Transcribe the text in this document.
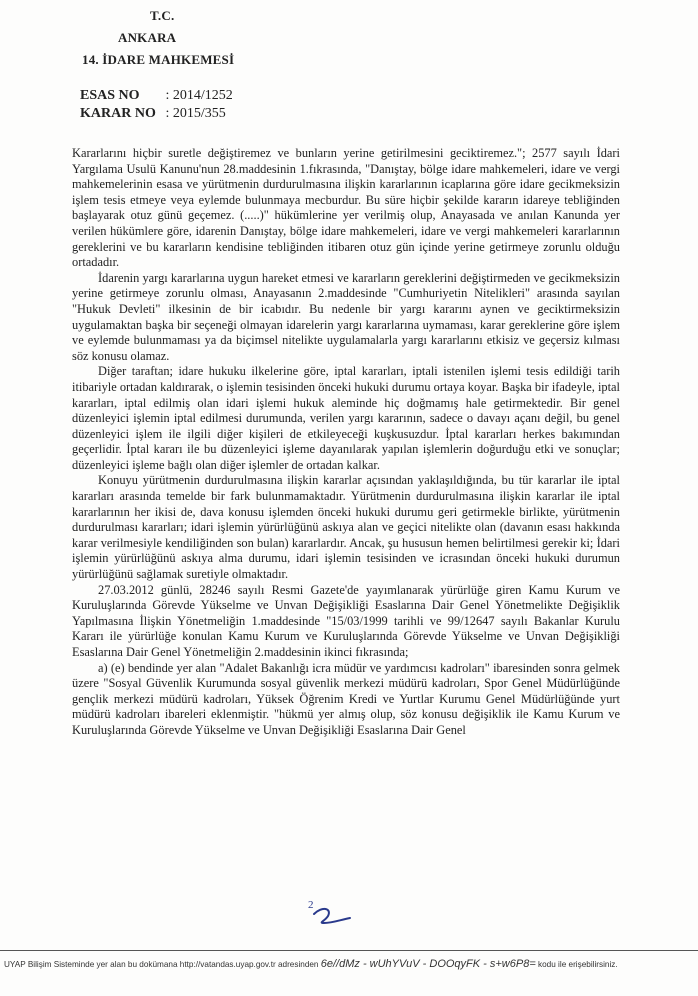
T.C.
ANKARA
14. İDARE MAHKEMESİ
ESAS NO : 2014/1252
KARAR NO : 2015/355

Kararlarını hiçbir suretle değiştiremez ve bunların yerine getirilmesini geciktiremez."; 2577 sayılı İdari Yargılama Usulü Kanunu'nun 28.maddesinin 1.fıkrasında, "Danıştay, bölge idare mahkemeleri, idare ve vergi mahkemelerinin esasa ve yürütmenin durdurulmasına ilişkin kararlarının icaplarına göre idare gecikmeksizin işlem tesis etmeye veya eylemde bulunmaya mecburdur. Bu süre hiçbir şekilde kararın idareye tebliğinden başlayarak otuz günü geçemez. (.....)" hükümlerine yer verilmiş olup, Anayasada ve anılan Kanunda yer verilen hükümlere göre, idarenin Danıştay, bölge idare mahkemeleri, idare ve vergi mahkemeleri kararlarının gereklerini ve bu kararların kendisine tebliğinden itibaren otuz gün içinde yerine getirmeye zorunlu olduğu ortadadır.

İdarenin yargı kararlarına uygun hareket etmesi ve kararların gereklerini değiştirmeden ve gecikmeksizin yerine getirmeye zorunlu olması, Anayasanın 2.maddesinde "Cumhuriyetin Nitelikleri" arasında sayılan "Hukuk Devleti" ilkesinin de bir icabıdır. Bu nedenle bir yargı kararını aynen ve geciktirmeksizin uygulamaktan başka bir seçeneği olmayan idarelerin yargı kararlarına uymaması, karar gereklerine göre işlem ve eylemde bulunmaması ya da biçimsel nitelikte uygulamalarla yargı kararlarını etkisiz ve geçersiz kılması söz konusu olamaz.

Diğer taraftan; idare hukuku ilkelerine göre, iptal kararları, iptali istenilen işlemi tesis edildiği tarih itibariyle ortadan kaldırarak, o işlemin tesisinden önceki hukuki durumu ortaya koyar. Başka bir ifadeyle, iptal kararları, iptal edilmiş olan idari işlemi hukuk aleminde hiç doğmamış hale getirmektedir. Bir genel düzenleyici işlemin iptal edilmesi durumunda, verilen yargı kararının, sadece o davayı açanı değil, bu genel düzenleyici işlem ile ilgili diğer kişileri de etkileyeceği kuşkusuzdur. İptal kararları herkes bakımından geçerlidir. İptal kararı ile bu düzenleyici işleme dayanılarak yapılan işlemlerin doğurduğu etki ve sonuçlar; düzenleyici işleme bağlı olan diğer işlemler de ortadan kalkar.

Konuyu yürütmenin durdurulmasına ilişkin kararlar açısından yaklaşıldığında, bu tür kararlar ile iptal kararları arasında temelde bir fark bulunmamaktadır. Yürütmenin durdurulmasına ilişkin kararlar ile iptal kararlarının her ikisi de, dava konusu işlemden önceki hukuki durumu geri getirmekle birlikte, yürütmenin durdurulması kararları; idari işlemin yürürlüğünü askıya alan ve geçici nitelikte olan (davanın esası hakkında karar verilmesiyle kendiliğinden son bulan) kararlardır. Ancak, şu hususun hemen belirtilmesi gerekir ki; İdari işlemin yürürlüğünü askıya alma durumu, idari işlemin tesisinden ve icrasından önceki hukuki durumun yürürlüğünü sağlamak suretiyle olmaktadır.

27.03.2012 günlü, 28246 sayılı Resmi Gazete'de yayımlanarak yürürlüğe giren Kamu Kurum ve Kuruluşlarında Görevde Yükselme ve Unvan Değişikliği Esaslarına Dair Genel Yönetmelikte Değişiklik Yapılmasına İlişkin Yönetmeliğin 1.maddesinde "15/03/1999 tarihli ve 99/12647 sayılı Bakanlar Kurulu Kararı ile yürürlüğe konulan Kamu Kurum ve Kuruluşlarında Görevde Yükselme ve Unvan Değişikliği Esaslarına Dair Genel Yönetmeliğin 2.maddesinin ikinci fıkrasında;

a) (e) bendinde yer alan "Adalet Bakanlığı icra müdür ve yardımcısı kadroları" ibaresinden sonra gelmek üzere "Sosyal Güvenlik Kurumunda sosyal güvenlik merkezi müdürü kadroları, Spor Genel Müdürlüğünde gençlik merkezi müdürü kadroları, Yüksek Öğrenim Kredi ve Yurtlar Kurumu Genel Müdürlüğünde yurt müdürü kadroları ibareleri eklenmiştir. "hükmü yer almış olup, söz konusu değişiklik ile Kamu Kurum ve Kuruluşlarında Görevde Yükselme ve Unvan Değişikliği Esaslarına Dair Genel

2
UYAP Bilişim Sisteminde yer alan bu dokümana http://vatandas.uyap.gov.tr adresinden 6e//dMz - wUhYVuV - DOOqyFK - s+w6P8= kodu ile erişebilirsiniz.
